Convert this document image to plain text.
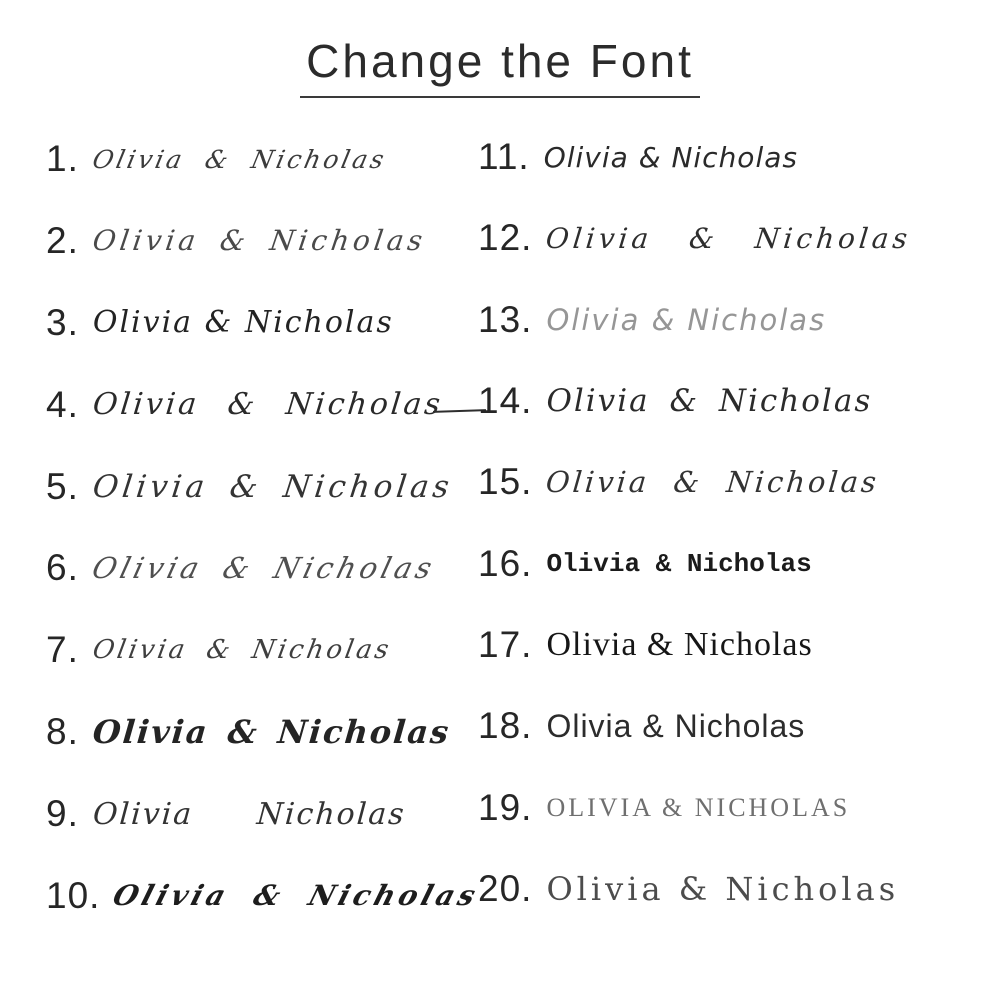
Change the Font
1. Olivia & Nicholas
2. Olivia & Nicholas
3. Olivia & Nicholas
4. Olivia & Nicholas
5. Olivia & Nicholas
6. Olivia & Nicholas
7. Olivia & Nicholas
8. Olivia & Nicholas
9. Olivia Nicholas
10. Olivia & Nicholas
11. Olivia & Nicholas
12. Olivia & Nicholas
13. Olivia & Nicholas
14. Olivia & Nicholas
15. Olivia & Nicholas
16. Olivia & Nicholas
17. Olivia & Nicholas
18. Olivia & Nicholas
19. OLIVIA & NICHOLAS
20. Olivia & Nicholas
